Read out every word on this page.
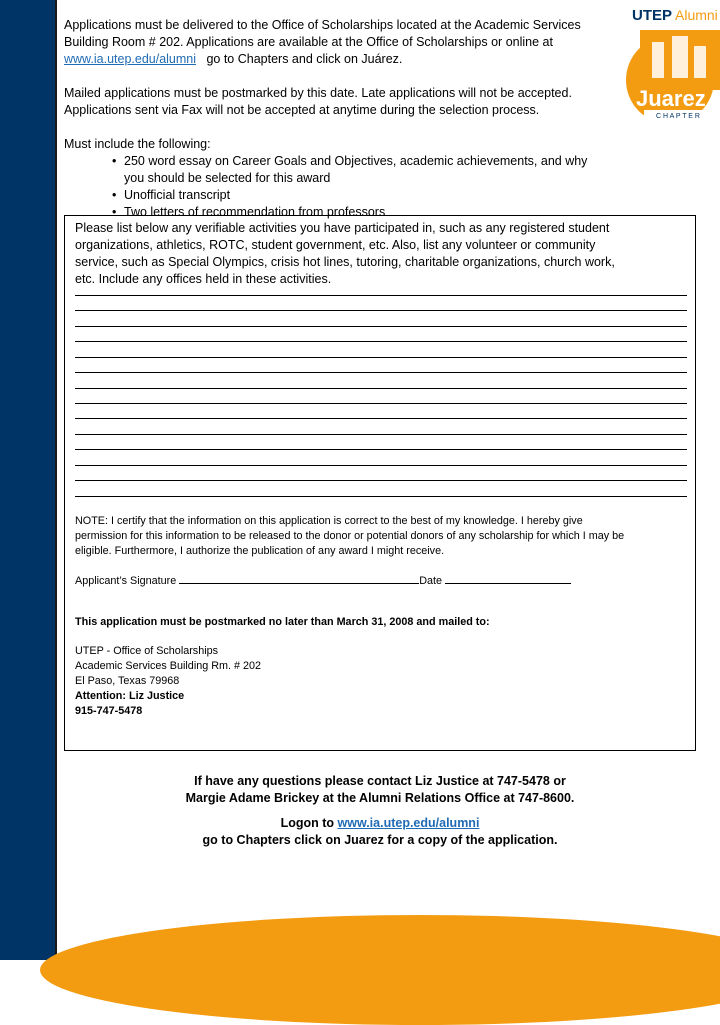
UTEP Alumni
Juarez
C H A P T E R

Applications must be delivered to the Office of Scholarships located at the Academic Services

Building Room # 202. Applications are available at the Office of Scholarships or online at

www.ia.utep.edu/alumni go to Chapters and click on Juárez.

Mailed applications must be postmarked by this date. Late applications will not be accepted.

Applications sent via Fax will not be accepted at anytime during the selection process.

Must include the following:

• 250 word essay on Career Goals and Objectives, academic achievements, and why
you should be selected for this award
• Unofficial transcript
• Two letters of recommendation from professors
Please list below any verifiable activities you have participated in, such as any registered student
organizations, athletics, ROTC, student government, etc. Also, list any volunteer or community
service, such as Special Olympics, crisis hot lines, tutoring, charitable organizations, church work,
etc. Include any offices held in these activities.
NOTE: I certify that the information on this application is correct to the best of my knowledge. I hereby give
permission for this information to be released to the donor or potential donors of any scholarship for which I may be
eligible. Furthermore, I authorize the publication of any award I might receive.
Applicant’s Signature	Date
This application must be postmarked no later than March 31, 2008 and mailed to:
UTEP - Office of Scholarships
Academic Services Building Rm. # 202
El Paso, Texas 79968
Attention: Liz Justice
915-747-5478

If have any questions please contact Liz Justice at 747-5478 or

Margie Adame Brickey at the Alumni Relations Office at 747-8600.

Logon to www.ia.utep.edu/alumni

go to Chapters click on Juarez for a copy of the application.
